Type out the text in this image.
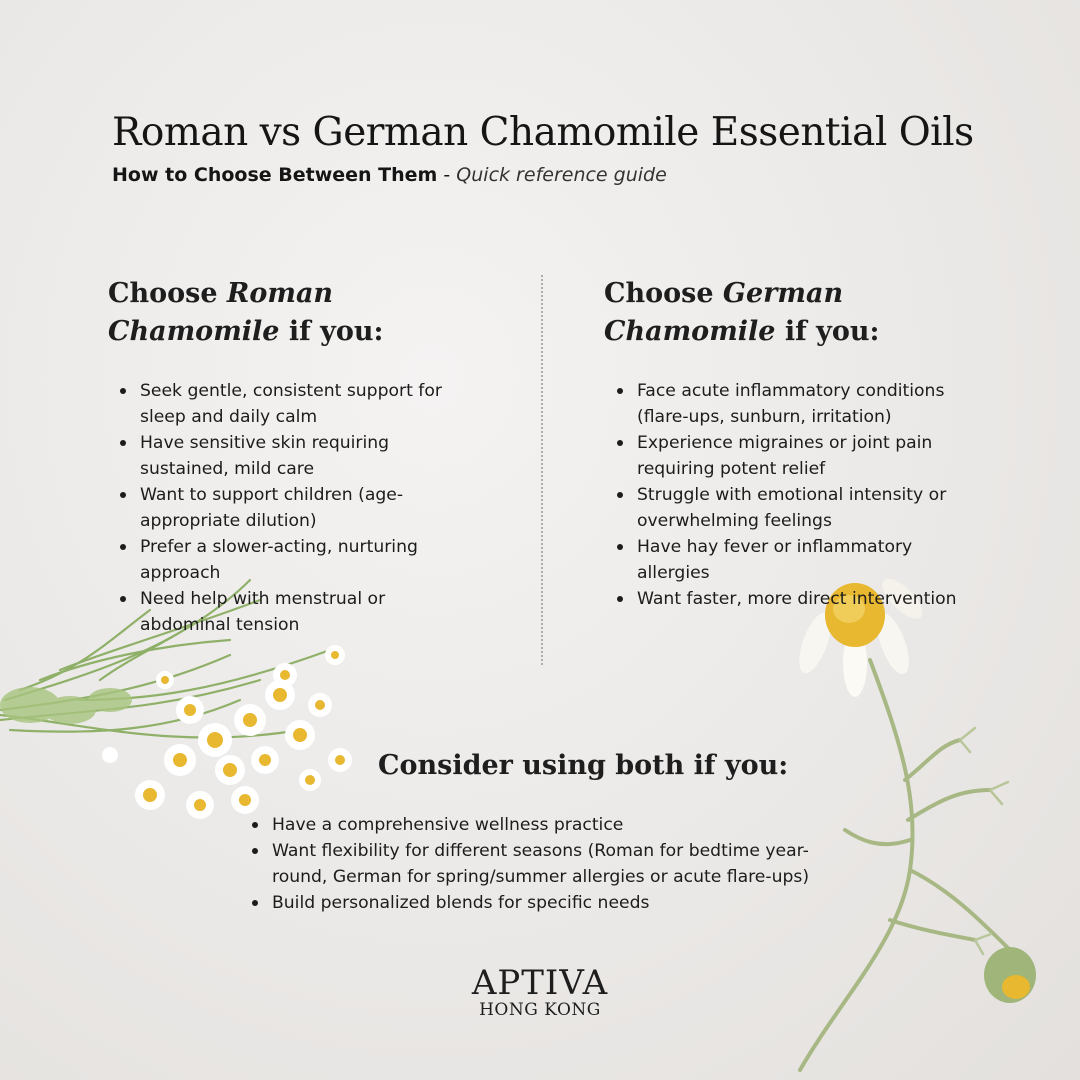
Roman vs German Chamomile Essential Oils
How to Choose Between Them - Quick reference guide
Choose Roman Chamomile if you:
Choose German Chamomile if you:
Seek gentle, consistent support for sleep and daily calm
Have sensitive skin requiring sustained, mild care
Want to support children (age-appropriate dilution)
Prefer a slower-acting, nurturing approach
Need help with menstrual or abdominal tension
Face acute inflammatory conditions (flare-ups, sunburn, irritation)
Experience migraines or joint pain requiring potent relief
Struggle with emotional intensity or overwhelming feelings
Have hay fever or inflammatory allergies
Want faster, more direct intervention
Consider using both if you:
Have a comprehensive wellness practice
Want flexibility for different seasons (Roman for bedtime year-round, German for spring/summer allergies or acute flare-ups)
Build personalized blends for specific needs
APTIVA
HONG KONG
